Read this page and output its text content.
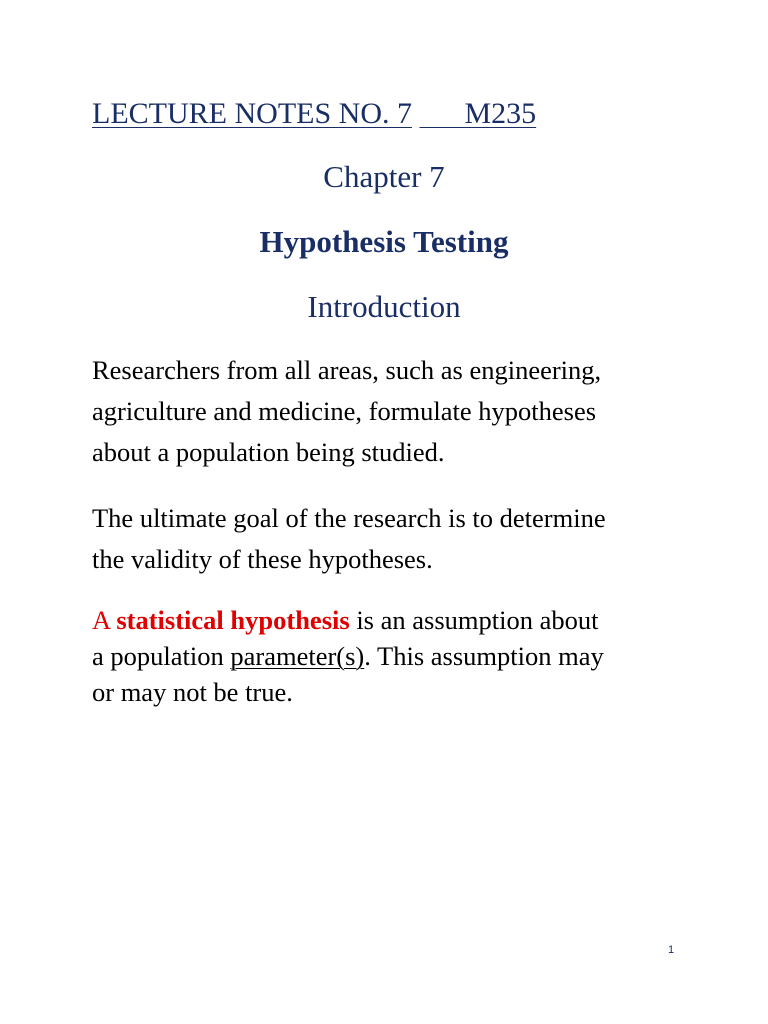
LECTURE NOTES NO. 7 M235
Chapter 7
Hypothesis Testing
Introduction
Researchers from all areas, such as engineering,
agriculture and medicine, formulate hypotheses
about a population being studied.
The ultimate goal of the research is to determine
the validity of these hypotheses.
A statistical hypothesis is an assumption about
a population parameter(s). This assumption may
or may not be true.
1
